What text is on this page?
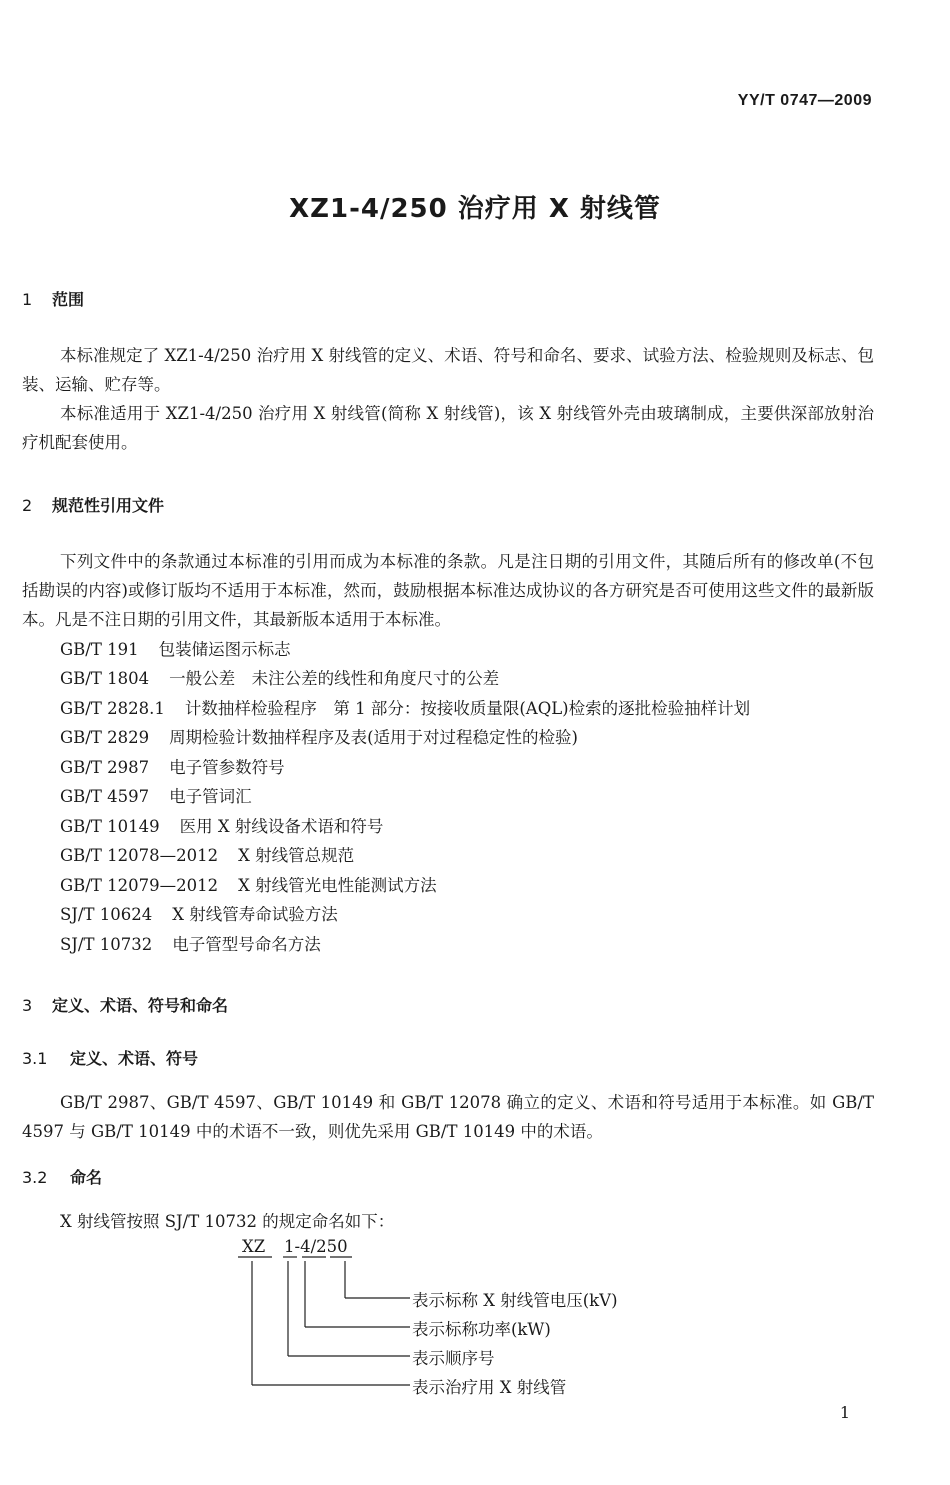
YY/T 0747—2009
XZ1-4/250 治疗用 X 射线管
1 范围

本标准规定了 XZ1-4/250 治疗用 X 射线管的定义、术语、符号和命名、要求、试验方法、检验规则及标志、包装、运输、贮存等。

本标准适用于 XZ1-4/250 治疗用 X 射线管(简称 X 射线管)，该 X 射线管外壳由玻璃制成，主要供深部放射治疗机配套使用。

2 规范性引用文件

下列文件中的条款通过本标准的引用而成为本标准的条款。凡是注日期的引用文件，其随后所有的修改单(不包括勘误的内容)或修订版均不适用于本标准，然而，鼓励根据本标准达成协议的各方研究是否可使用这些文件的最新版本。凡是不注日期的引用文件，其最新版本适用于本标准。

GB/T 191 包装储运图示标志
GB/T 1804 一般公差　未注公差的线性和角度尺寸的公差
GB/T 2828.1 计数抽样检验程序　第 1 部分：按接收质量限(AQL)检索的逐批检验抽样计划
GB/T 2829 周期检验计数抽样程序及表(适用于对过程稳定性的检验)
GB/T 2987 电子管参数符号
GB/T 4597 电子管词汇
GB/T 10149 医用 X 射线设备术语和符号
GB/T 12078—2012 X 射线管总规范
GB/T 12079—2012 X 射线管光电性能测试方法
SJ/T 10624 X 射线管寿命试验方法
SJ/T 10732 电子管型号命名方法
3 定义、术语、符号和命名
3.1 定义、术语、符号

GB/T 2987、GB/T 4597、GB/T 10149 和 GB/T 12078 确立的定义、术语和符号适用于本标准。如 GB/T 4597 与 GB/T 10149 中的术语不一致，则优先采用 GB/T 10149 中的术语。

3.2 命名

X 射线管按照 SJ/T 10732 的规定命名如下：

XZ 1-4/250
表示标称 X 射线管电压(kV)
表示标称功率(kW)
表示顺序号
表示治疗用 X 射线管
1
